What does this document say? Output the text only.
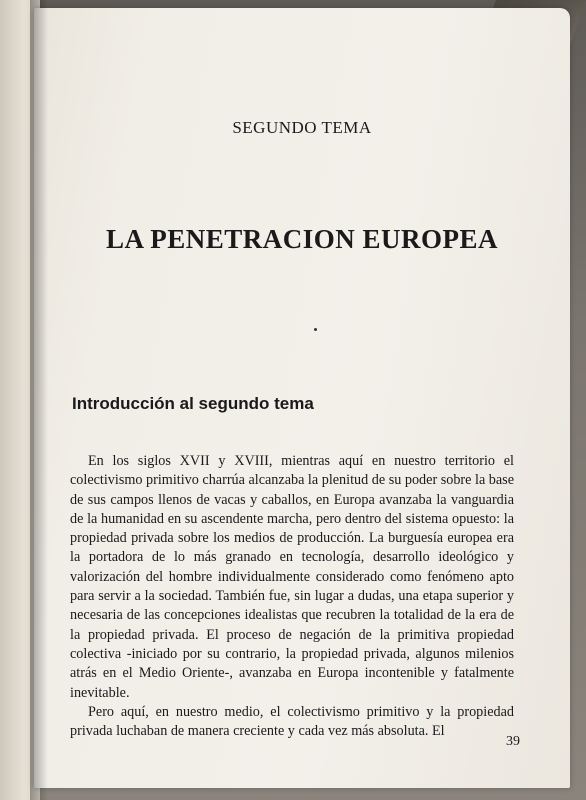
SEGUNDO TEMA
LA PENETRACION EUROPEA
Introducción al segundo tema

En los siglos XVII y XVIII, mientras aquí en nuestro territorio el colectivismo primitivo charrúa alcanzaba la plenitud de su poder sobre la base de sus campos llenos de vacas y caballos, en Europa avanzaba la vanguardia de la humanidad en su ascendente marcha, pero dentro del sistema opuesto: la propiedad privada sobre los medios de producción. La burguesía europea era la portadora de lo más granado en tecnología, desarrollo ideológico y valorización del hombre individualmente considerado como fenómeno apto para servir a la sociedad. También fue, sin lugar a dudas, una etapa superior y necesaria de las concepciones idealistas que recubren la totalidad de la era de la propiedad privada. El proceso de negación de la primitiva propiedad colectiva -iniciado por su contrario, la propiedad privada, algunos milenios atrás en el Medio Oriente-, avanzaba en Europa incontenible y fatalmente inevitable.

Pero aquí, en nuestro medio, el colectivismo primitivo y la propiedad privada luchaban de manera creciente y cada vez más absoluta. El

39
